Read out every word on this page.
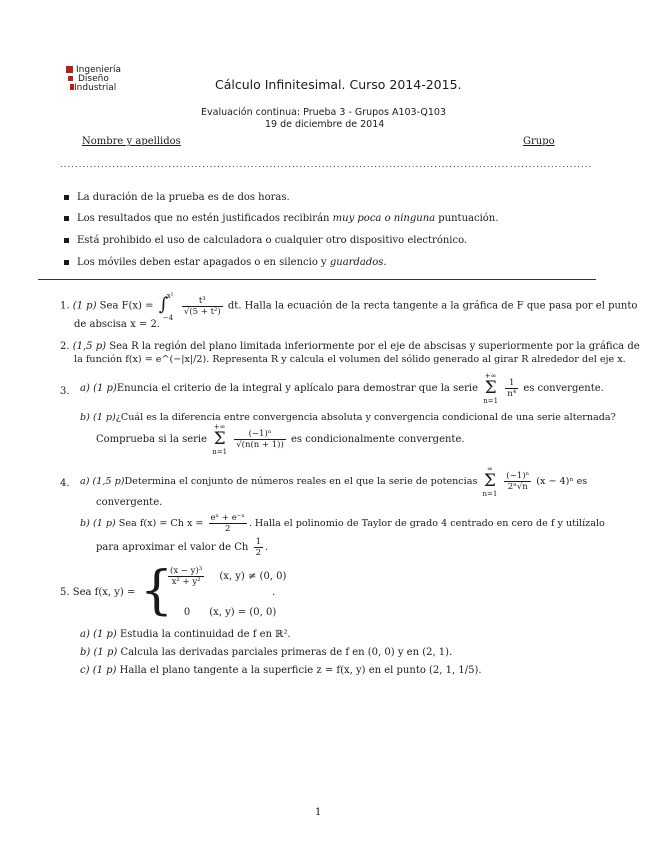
Ingeniería
Diseño
Industrial	Cálculo Infinitesimal. Curso 2014-2015.
Evaluación continua: Prueba 3 - Grupos A103-Q103
19 de diciembre de 2014
Nombre y apellidos	Grupo
........................................................................................................................ ......................
La duración de la prueba es de dos horas.
Los resultados que no estén justificados recibirán muy poca o ninguna puntuación.
Está prohibido el uso de calculadora o cualquier otro dispositivo electrónico.
Los móviles deben estar apagados o en silencio y guardados.
1. (1 p) Sea F(x) = ∫
x²
−4

$\frac{\text{t³}}{\text{√(5 + t²)}}$ dt. Halla la ecuación de la recta tangente a la gráfica de F que pasa por el punto
de abscisa x = 2.
2. (1,5 p) Sea R la región del plano limitada inferiormente por el eje de abscisas y superiormente por la gráfica de
la función f(x) = e^(−|x|/2). Representa R y calcula el volumen del sólido generado al girar R alrededor del eje x.
3. a) (1 p)Enuncia el criterio de la integral y aplícalo para demostrar que la serie +∞
Σ
n=1
$\frac{1}{\text{n⁴}}$ es convergente.
b) (1 p)¿Cuál es la diferencia entre convergencia absoluta y convergencia condicional de una serie alternada?
Comprueba si la serie +∞
Σ
n=1
$\frac{\text{(−1)ⁿ}}{√(n(n + 1))}$ es condicionalmente convergente.
4. a) (1,5 p)Determina el conjunto de números reales en el que la serie de potencias ∞
Σ
n=1
$\frac{\text{(−1)ⁿ}}{\text{2ⁿ√n}} (x - 4)^n$ es
convergente.
b) (1 p) Sea f(x) = Ch $x = \frac{\text{eˣ + e⁻ˣ}}{2}$ . Halla el polinomio de Taylor de grado 4 centrado en cero de f y utilízalo
para aproximar el valor de Ch $\frac{1}{2}$ .
5. Sea f(x, y) = {
$\frac{\text{(x − y)³}}{\text{x² + y²}} (x$, y) ≠ (0, 0)
0 (x, y) = (0, 0)
.
a) (1 p) Estudia la continuidad de f en ℝ².
b) (1 p) Calcula las derivadas parciales primeras de f en (0, 0) y en (2, 1).
c) (1 p) Halla el plano tangente a la superficie z = f(x, y) en el punto (2, 1, 1/5).
1
